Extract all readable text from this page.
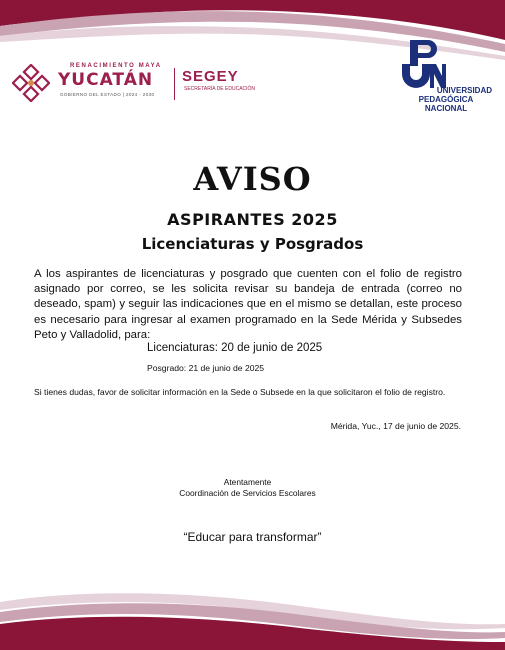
RENACIMIENTO MAYA
YUCATÁN
GOBIERNO DEL ESTADO | 2024 - 2030
SEGEY
SECRETARÍA DE EDUCACIÓN	UNIVERSIDAD
PEDAGÓGICA
NACIONAL
AVISO
ASPIRANTES 2025
Licenciaturas y Posgrados
A los aspirantes de licenciaturas y posgrado que cuenten con el folio de registro asignado por correo, se les solicita revisar su bandeja de entrada (correo no deseado, spam) y seguir las indicaciones que en el mismo se detallan, este proceso es necesario para ingresar al examen programado en la Sede Mérida y Subsedes Peto y Valladolid, para:
Licenciaturas: 20 de junio de 2025
Posgrado: 21 de junio de 2025
Si tienes dudas, favor de solicitar información en la Sede o Subsede en la que solicitaron el folio de registro.
Mérida, Yuc., 17 de junio de 2025.
Atentamente
Coordinación de Servicios Escolares
“Educar para transformar”
